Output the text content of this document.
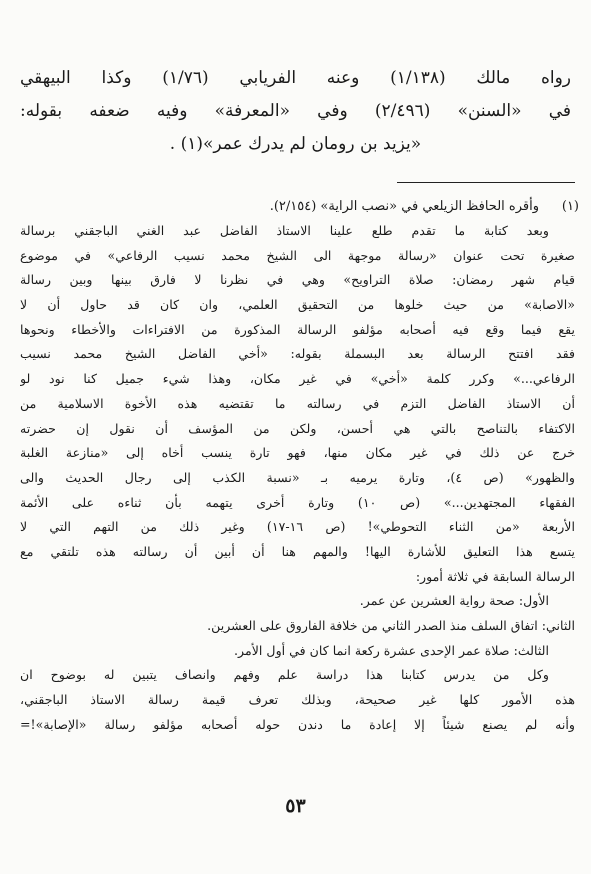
رواه مالك (١/١٣٨) وعنه الفريابي (١/٧٦) وكذا البيهقي
في «السنن» (٢/٤٩٦) وفي «المعرفة» وفيه ضعفه بقوله:
«يزيد بن رومان لم يدرك عمر»(١) .
(١)
وأقره الحافظ الزيلعي في «نصب الراية» (٢/١٥٤).
وبعد كتابة ما تقدم طلع علينا الاستاذ الفاضل عبد الغني الباجقني برسالة
صغيرة تحت عنوان «رسالة موجهة الى الشيخ محمد نسيب الرفاعي» في موضوع
قيام شهر رمضان: صلاة التراويح» وهي في نظرنا لا فارق بينها وبين رسالة
«الاصابة» من حيث خلوها من التحقيق العلمي، وان كان قد حاول أن لا
يقع فيما وقع فيه أصحابه مؤلفو الرسالة المذكورة من الافتراءات والأخطاء ونحوها
فقد افتتح الرسالة بعد البسملة بقوله: «أخي الفاضل الشيخ محمد نسيب
الرفاعي...» وكرر كلمة «أخي» في غير مكان، وهذا شيء جميل كنا نود لو
أن الاستاذ الفاضل التزم في رسالته ما تقتضيه هذه الأخوة الاسلامية من
الاكتفاء بالتناصح بالتي هي أحسن، ولكن من المؤسف أن نقول إن حضرته
خرج عن ذلك في غير مكان منها، فهو تارة ينسب أخاه إلى «منازعة الغلبة
والظهور» (ص ٤)، وتارة يرميه بـ «نسبة الكذب إلى رجال الحديث والى
الفقهاء المجتهدين...» (ص ١٠) وتارة أخرى يتهمه بأن ثناءه على الأئمة
الأربعة «من الثناء التحوطي»! (ص ١٦-١٧) وغير ذلك من التهم التي لا
يتسع هذا التعليق للأشارة اليها! والمهم هنا أن أبين أن رسالته هذه تلتقي مع
الرسالة السابقة في ثلاثة أمور:
الأول: صحة رواية العشرين عن عمر.
الثاني: اتفاق السلف منذ الصدر الثاني من خلافة الفاروق على العشرين.
الثالث: صلاة عمر الإحدى عشرة ركعة انما كان في أول الأمر.
وكل من يدرس كتابنا هذا دراسة علم وفهم وانصاف يتبين له بوضوح ان
هذه الأمور كلها غير صحيحة، وبذلك تعرف قيمة رسالة الاستاذ الباجقني،
وأنه لم يصنع شيئاً إلا إعادة ما دندن حوله أصحابه مؤلفو رسالة «الإصابة»!=
٥٣
